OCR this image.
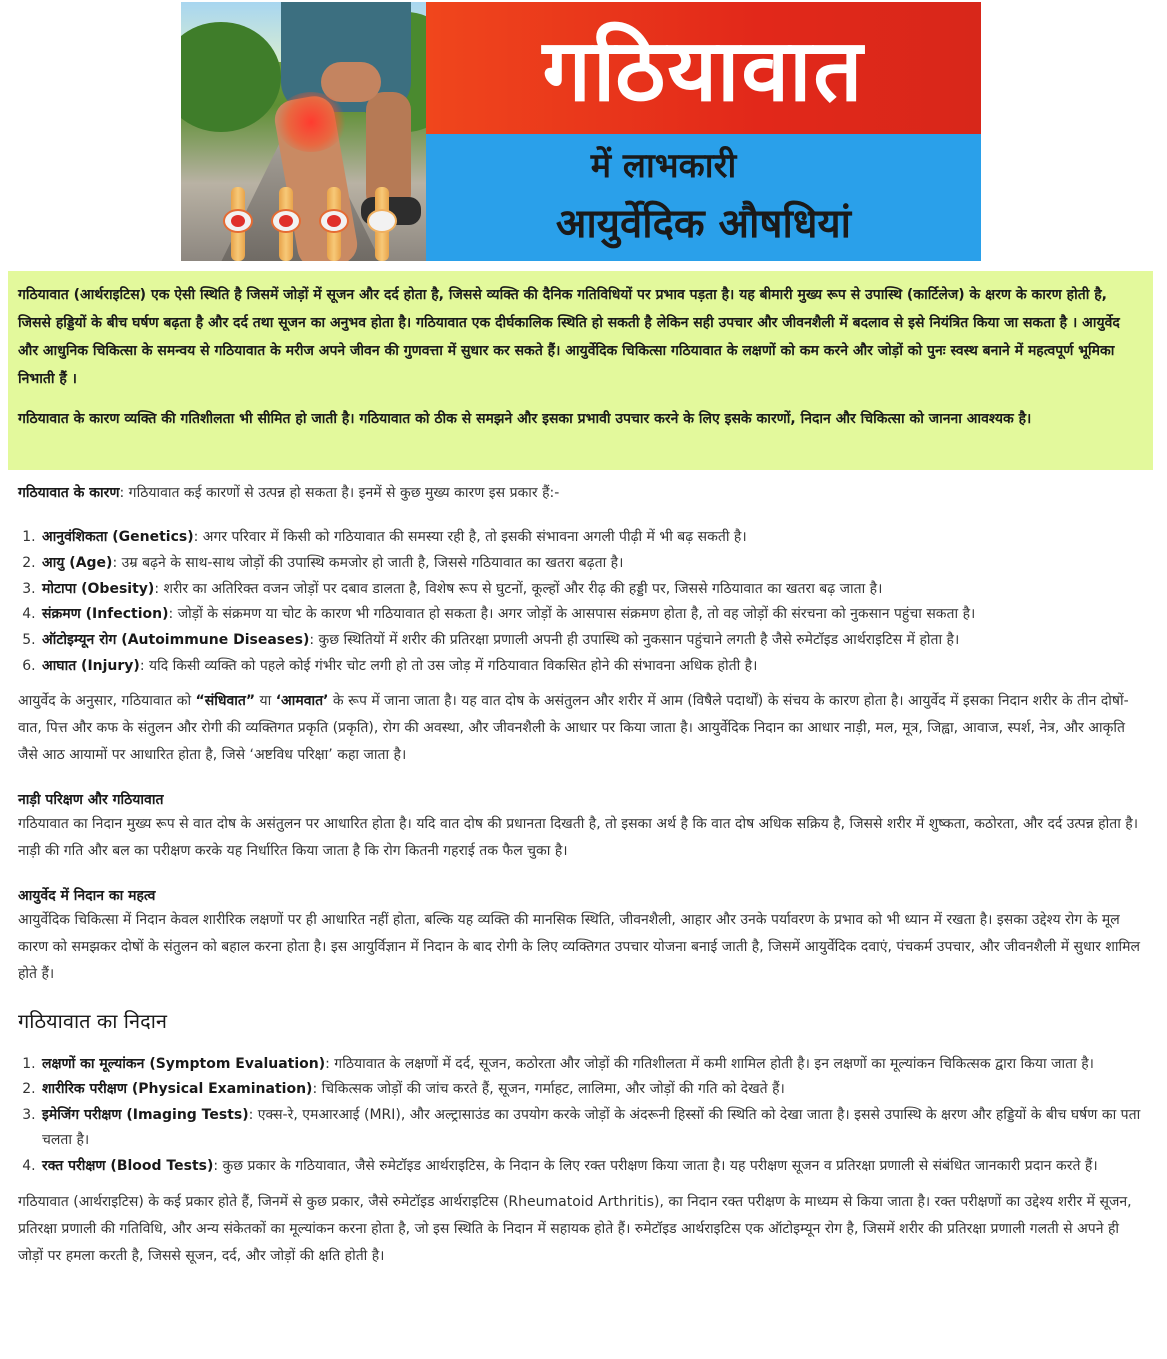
गठियावात
में लाभकारी
आयुर्वेदिक औषधियां

गठियावात (आर्थराइटिस) एक ऐसी स्थिति है जिसमें जोड़ों में सूजन और दर्द होता है, जिससे व्यक्ति की दैनिक गतिविधियों पर प्रभाव पड़ता है। यह बीमारी मुख्य रूप से उपास्थि (कार्टिलेज) के क्षरण के कारण होती है, जिससे हड्डियों के बीच घर्षण बढ़ता है और दर्द तथा सूजन का अनुभव होता है। गठियावात एक दीर्घकालिक स्थिति हो सकती है लेकिन सही उपचार और जीवनशैली में बदलाव से इसे नियंत्रित किया जा सकता है । आयुर्वेद और आधुनिक चिकित्सा के समन्वय से गठियावात के मरीज अपने जीवन की गुणवत्ता में सुधार कर सकते हैं। आयुर्वेदिक चिकित्सा गठियावात के लक्षणों को कम करने और जोड़ों को पुनः स्वस्थ बनाने में महत्वपूर्ण भूमिका निभाती हैं ।

गठियावात के कारण व्यक्ति की गतिशीलता भी सीमित हो जाती है। गठियावात को ठीक से समझने और इसका प्रभावी उपचार करने के लिए इसके कारणों, निदान और चिकित्सा को जानना आवश्यक है।

गठियावात के कारण: गठियावात कई कारणों से उत्पन्न हो सकता है। इनमें से कुछ मुख्य कारण इस प्रकार हैं:-

1. आनुवंशिकता (Genetics): अगर परिवार में किसी को गठियावात की समस्या रही है, तो इसकी संभावना अगली पीढ़ी में भी बढ़ सकती है।
2. आयु (Age): उम्र बढ़ने के साथ-साथ जोड़ों की उपास्थि कमजोर हो जाती है, जिससे गठियावात का खतरा बढ़ता है।
3. मोटापा (Obesity): शरीर का अतिरिक्त वजन जोड़ों पर दबाव डालता है, विशेष रूप से घुटनों, कूल्हों और रीढ़ की हड्डी पर, जिससे गठियावात का खतरा बढ़ जाता है।
4. संक्रमण (Infection): जोड़ों के संक्रमण या चोट के कारण भी गठियावात हो सकता है। अगर जोड़ों के आसपास संक्रमण होता है, तो वह जोड़ों की संरचना को नुकसान पहुंचा सकता है।
5. ऑटोइम्यून रोग (Autoimmune Diseases): कुछ स्थितियों में शरीर की प्रतिरक्षा प्रणाली अपनी ही उपास्थि को नुकसान पहुंचाने लगती है जैसे रुमेटॉइड आर्थराइटिस में होता है।
6. आघात (Injury): यदि किसी व्यक्ति को पहले कोई गंभीर चोट लगी हो तो उस जोड़ में गठियावात विकसित होने की संभावना अधिक होती है।

आयुर्वेद के अनुसार, गठियावात को “संधिवात” या ‘आमवात’ के रूप में जाना जाता है। यह वात दोष के असंतुलन और शरीर में आम (विषैले पदार्थों) के संचय के कारण होता है। आयुर्वेद में इसका निदान शरीर के तीन दोषों-वात, पित्त और कफ के संतुलन और रोगी की व्यक्तिगत प्रकृति (प्रकृति), रोग की अवस्था, और जीवनशैली के आधार पर किया जाता है। आयुर्वेदिक निदान का आधार नाड़ी, मल, मूत्र, जिह्वा, आवाज, स्पर्श, नेत्र, और आकृति जैसे आठ आयामों पर आधारित होता है, जिसे ‘अष्टविध परिक्षा’ कहा जाता है।

नाड़ी परिक्षण और गठियावात

गठियावात का निदान मुख्य रूप से वात दोष के असंतुलन पर आधारित होता है। यदि वात दोष की प्रधानता दिखती है, तो इसका अर्थ है कि वात दोष अधिक सक्रिय है, जिससे शरीर में शुष्कता, कठोरता, और दर्द उत्पन्न होता है। नाड़ी की गति और बल का परीक्षण करके यह निर्धारित किया जाता है कि रोग कितनी गहराई तक फैल चुका है।

आयुर्वेद में निदान का महत्व

आयुर्वेदिक चिकित्सा में निदान केवल शारीरिक लक्षणों पर ही आधारित नहीं होता, बल्कि यह व्यक्ति की मानसिक स्थिति, जीवनशैली, आहार और उनके पर्यावरण के प्रभाव को भी ध्यान में रखता है। इसका उद्देश्य रोग के मूल कारण को समझकर दोषों के संतुलन को बहाल करना होता है। इस आयुर्विज्ञान में निदान के बाद रोगी के लिए व्यक्तिगत उपचार योजना बनाई जाती है, जिसमें आयुर्वेदिक दवाएं, पंचकर्म उपचार, और जीवनशैली में सुधार शामिल होते हैं।

गठियावात का निदान
1. लक्षणों का मूल्यांकन (Symptom Evaluation): गठियावात के लक्षणों में दर्द, सूजन, कठोरता और जोड़ों की गतिशीलता में कमी शामिल होती है। इन लक्षणों का मूल्यांकन चिकित्सक द्वारा किया जाता है।
2. शारीरिक परीक्षण (Physical Examination): चिकित्सक जोड़ों की जांच करते हैं, सूजन, गर्माहट, लालिमा, और जोड़ों की गति को देखते हैं।
3. इमेजिंग परीक्षण (Imaging Tests): एक्स-रे, एमआरआई (MRI), और अल्ट्रासाउंड का उपयोग करके जोड़ों के अंदरूनी हिस्सों की स्थिति को देखा जाता है। इससे उपास्थि के क्षरण और हड्डियों के बीच घर्षण का पता चलता है।
4. रक्त परीक्षण (Blood Tests): कुछ प्रकार के गठियावात, जैसे रुमेटॉइड आर्थराइटिस, के निदान के लिए रक्त परीक्षण किया जाता है। यह परीक्षण सूजन व प्रतिरक्षा प्रणाली से संबंधित जानकारी प्रदान करते हैं।

गठियावात (आर्थराइटिस) के कई प्रकार होते हैं, जिनमें से कुछ प्रकार, जैसे रुमेटॉइड आर्थराइटिस (Rheumatoid Arthritis), का निदान रक्त परीक्षण के माध्यम से किया जाता है। रक्त परीक्षणों का उद्देश्य शरीर में सूजन, प्रतिरक्षा प्रणाली की गतिविधि, और अन्य संकेतकों का मूल्यांकन करना होता है, जो इस स्थिति के निदान में सहायक होते हैं। रुमेटॉइड आर्थराइटिस एक ऑटोइम्यून रोग है, जिसमें शरीर की प्रतिरक्षा प्रणाली गलती से अपने ही जोड़ों पर हमला करती है, जिससे सूजन, दर्द, और जोड़ों की क्षति होती है।
